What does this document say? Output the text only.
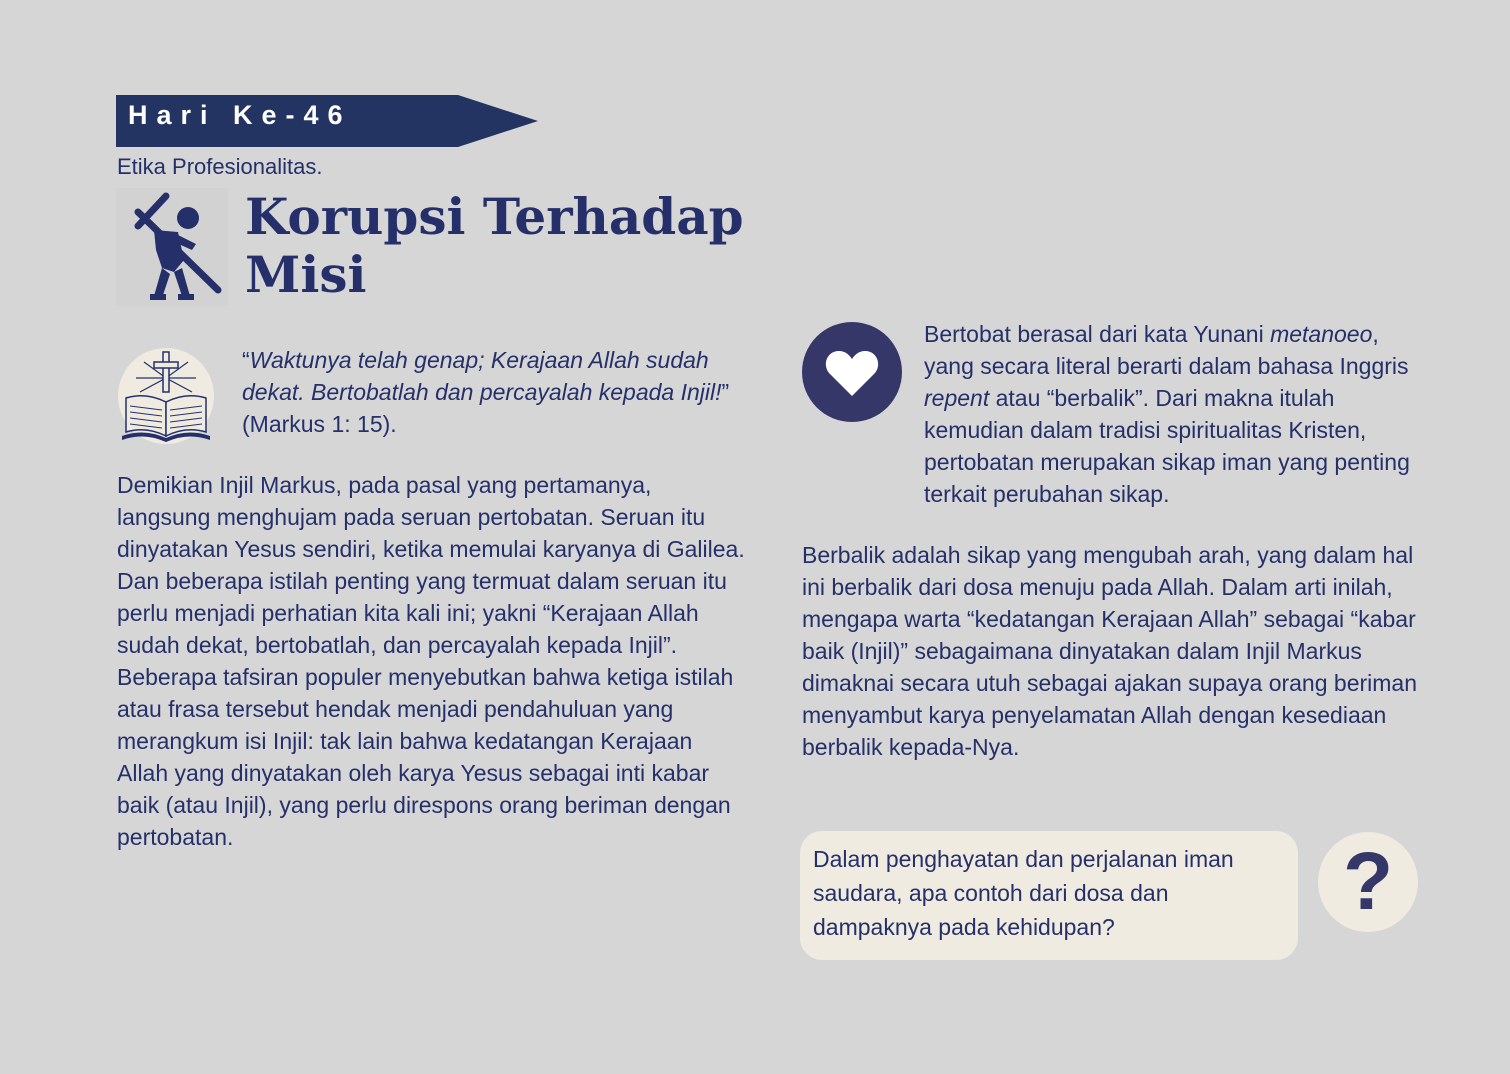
Hari Ke-46
Etika Profesionalitas.
Korupsi Terhadap
Misi
“Waktunya telah genap; Kerajaan Allah sudah dekat. Bertobatlah dan percayalah kepada Injil!” (Markus 1: 15).
Demikian Injil Markus, pada pasal yang pertamanya, langsung menghujam pada seruan pertobatan. Seruan itu dinyatakan Yesus sendiri, ketika memulai karyanya di Galilea. Dan beberapa istilah penting yang termuat dalam seruan itu perlu menjadi perhatian kita kali ini; yakni “Kerajaan Allah sudah dekat, bertobatlah, dan percayalah kepada Injil”. Beberapa tafsiran populer menyebutkan bahwa ketiga istilah atau frasa tersebut hendak menjadi pendahuluan yang merangkum isi Injil: tak lain bahwa kedatangan Kerajaan Allah yang dinyatakan oleh karya Yesus sebagai inti kabar baik (atau Injil), yang perlu direspons orang beriman dengan pertobatan.
Bertobat berasal dari kata Yunani metanoeo, yang secara literal berarti dalam bahasa Inggris repent atau “berbalik”. Dari makna itulah kemudian dalam tradisi spiritualitas Kristen, pertobatan merupakan sikap iman yang penting terkait perubahan sikap.
Berbalik adalah sikap yang mengubah arah, yang dalam hal ini berbalik dari dosa menuju pada Allah. Dalam arti inilah, mengapa warta “kedatangan Kerajaan Allah” sebagai “kabar baik (Injil)” sebagaimana dinyatakan dalam Injil Markus dimaknai secara utuh sebagai ajakan supaya orang beriman menyambut karya penyelamatan Allah dengan kesediaan berbalik kepada-Nya.
Dalam penghayatan dan perjalanan iman saudara, apa contoh dari dosa dan dampaknya pada kehidupan?	?
